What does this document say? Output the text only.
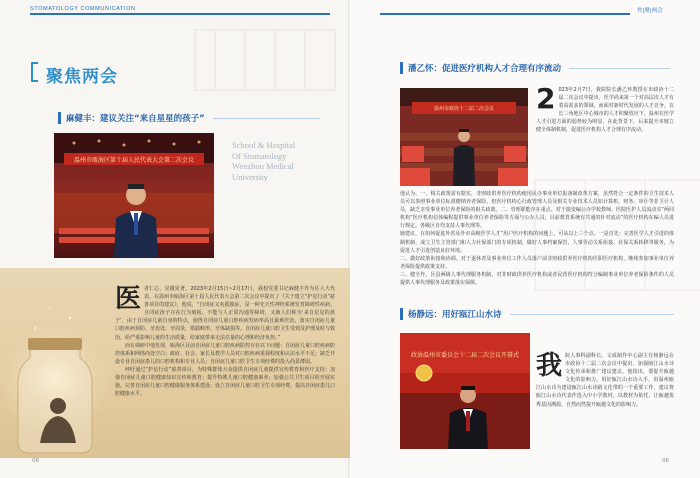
STOMATOLOGY COMMUNICATION	焦|聚|两会
聚焦两会
麻健丰：建议关注“来自星星的孩子”
温州市瓯海区第十届人民代表大会第二次会议
School & Hospital
Of Stomatology
Wenzhou Medical
University
医 者仁心，见微见著。2023年2月15日~2月17日，我校党委书记麻健丰作为区人大代表，在温州市瓯海区第十届人民代表大会第二次会议中提出了《关于建立“护星行动”慈善项目的建议》，他说，“自闭症又名孤独症，是一种先天性神经系统发育障碍性疾病。自闭症孩子存在行为刻板、不能与人正常沟通等障碍，又被人们称为‘来自星星的孩子’，由于自闭症儿童自身的特点，使得自闭症儿童口腔疾病发病率高且最难医治。落实自闭症儿童口腔疾病预防、牙齿处、牙周炎、错颌畸形、牙体缺损等。自闭症儿童口腔卫生受到及护理及时与救治，给严重影响儿童的生活质量，给家庭带来无法估量的心理和经济负担。”
而在调研中他发现，瓯海区目前自闭症儿童口腔疾病防控存在以下问题：自闭症儿童口腔疾病防控体系和网络尚处空白；政府、社会、家长及教学人员对口腔疾病重视程度和认识水平不足；缺乏开设专业自闭症患儿的口腔机构和专业人员；自闭症儿童口腔卫生专项经费的投入尚显薄弱。
呼吁通过“护星行动”慈善项目，为特殊群体大众提供自闭症儿童提供宣传教育和医疗支持；加强自闭症儿童口腔健康知识宣传和教育；提升特殊儿童口腔健康素养；加强公共卫生项目的开展实施，完善自闭症儿童口腔健康服务体系建设；设立自闭症儿童口腔卫生专项经费，提高自闭症患儿口腔健康水平。
06
潘乙怀：促进医疗机构人才合理有序流动
温州市政协十二届二次会议 2 023年2月7日，我院院长潘乙怀教授在市政协十二届二次会议中提出，医学尚来第一个对高层次人才有着高需求的领域，而面对新时代发展的人才竞争，在长三角地区中心城市的人才积聚效应下，温州在医学人才引进方面的弱势较为明显，在此背景下，后来提升本辖立健全体制机制，促进医疗机构人才合理有序流动。
他认为，一、相关政策需有据实，非财政供养医疗机构使用民办事业单位报备制改革方案，虽然符合一定条件的卫生技术人员可以参照事业单位标准缴纳养老保险，但医疗机构心行政管理人员及相关专业技术人员如计算机、财务、审计等非卫计人员，缺乏享受事业单位养老保险的相关政策。二、管理职能存在重点。对于演变编公办学校教师，医院医护人员流动实“两同机构”医疗机构信体编程提供事业单位养老保险等方面与公办人员，目前教育系统有共通的针对流动”的医疗机构在编人员进行规定。各级区自均支持人事代理等。
她建议，在如何促进外省及外市高级医学人才”用户医疗机构的问题上，可从以上三个点。一是首先：完善医学人才引进的体制机制，成立卫生主管部门和人力社保部门的专项机制，做好人事档案保管，人事劳动关系衔接、社保关系转移等服务，为促进人才引进创造良好环境。
二、做好政策衔接和协调。对于退休者及事业单位工作人员落户前非财政供养医疗机构任职医疗机构，继续参加事业单位养老保险提供政策支持。
三、健全作。区县两级人事代理服务机制。对非财政供养医疗机构或者民营医疗机构符合编制事业单位养老保险条件的人员提供人事代理服务及政策落实保障。
杨静远：用好瓯江山水诗
政协温州市委员会十二届二次会议开幕式 我 院人事科副科长、文成制作中心副主任杨静远在市政协十二届二次会议中提出，加强瓯江山水诗文化传承和推广建议建议。他指出，要提升瓯越文化的影响力，用好瓯江山水诗入手，用温州瓯江山水诗为建设瓯江山水诗路文化带的一个重要工作，建议将瓯江山水诗代表作选入中小学教材，以教材为依托，让瓯越优秀基因溯源，自然而然提升瓯越文化的影响力。
06
